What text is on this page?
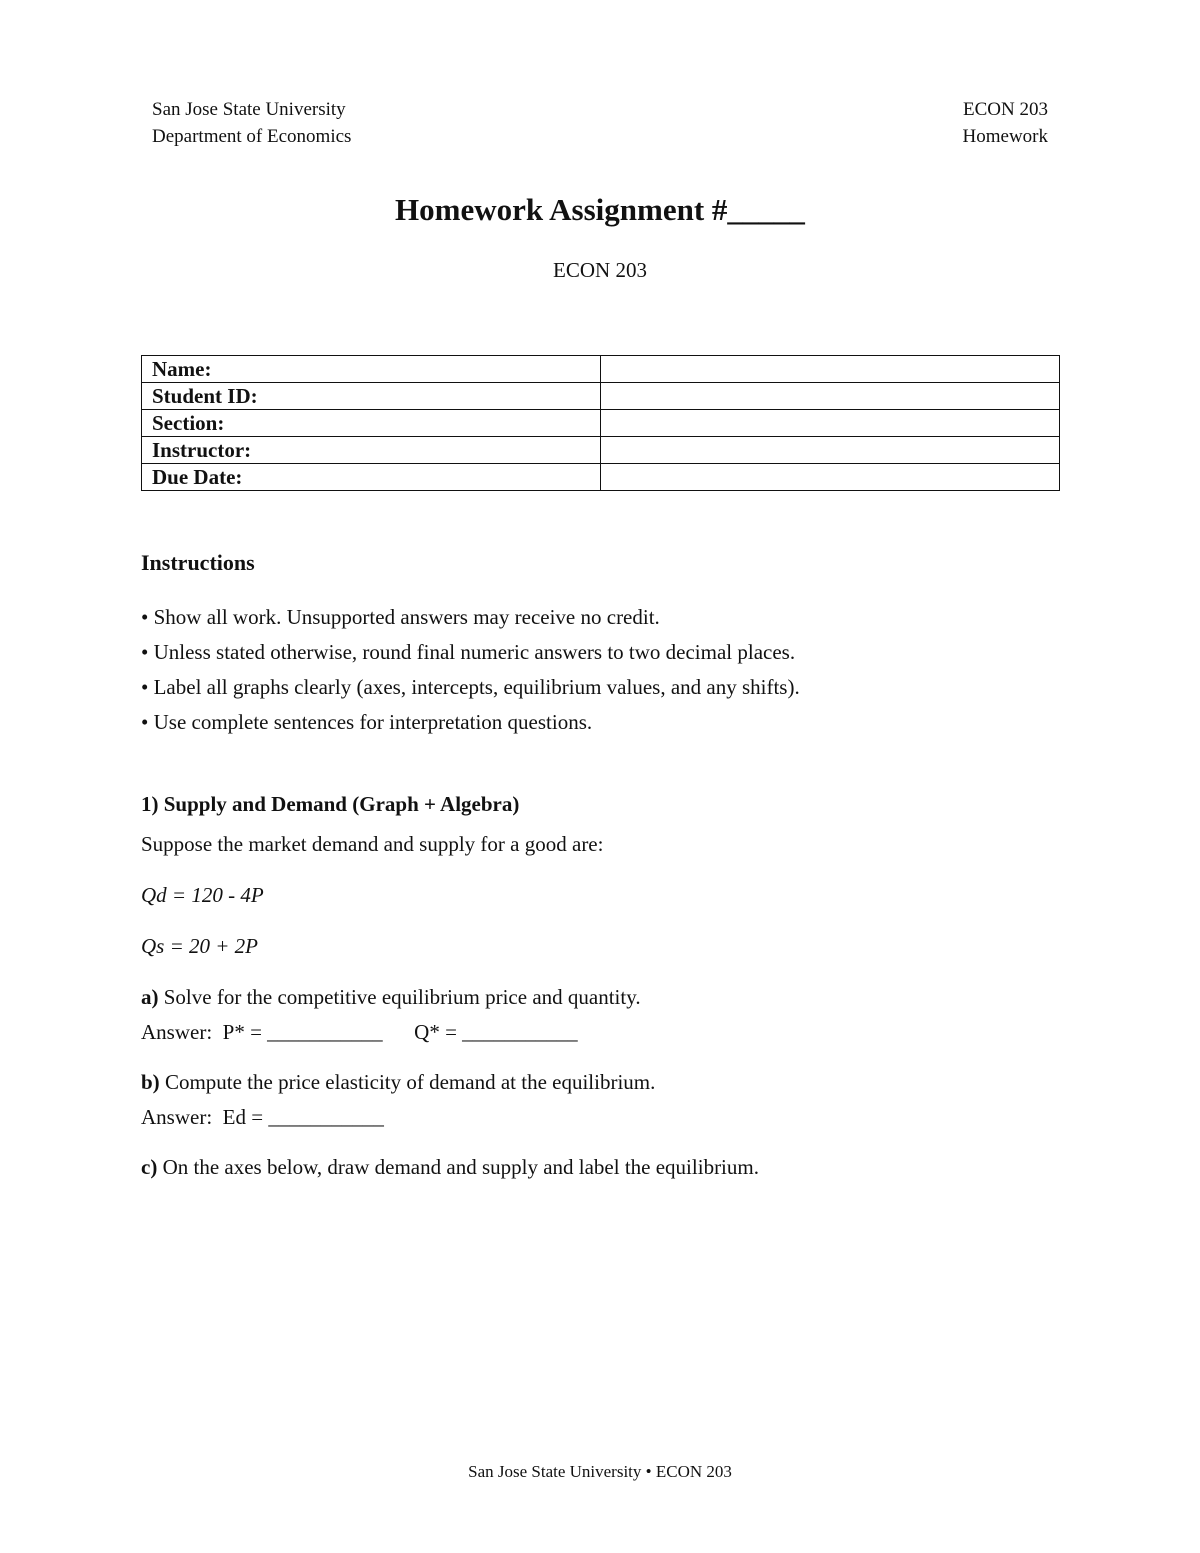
San Jose State University
Department of Economics
ECON 203
Homework
Homework Assignment #_____
ECON 203
Name:	
Student ID:	
Section:	
Instructor:	
Due Date:	
Instructions
• Show all work. Unsupported answers may receive no credit.
• Unless stated otherwise, round final numeric answers to two decimal places.
• Label all graphs clearly (axes, intercepts, equilibrium values, and any shifts).
• Use complete sentences for interpretation questions.
1) Supply and Demand (Graph + Algebra)
Suppose the market demand and supply for a good are:
Qd = 120 - 4P
Qs = 20 + 2P
a) Solve for the competitive equilibrium price and quantity.
Answer:  P* = ___________      Q* = ___________
b) Compute the price elasticity of demand at the equilibrium.
Answer:  Ed = ___________
c) On the axes below, draw demand and supply and label the equilibrium.
San Jose State University • ECON 203
